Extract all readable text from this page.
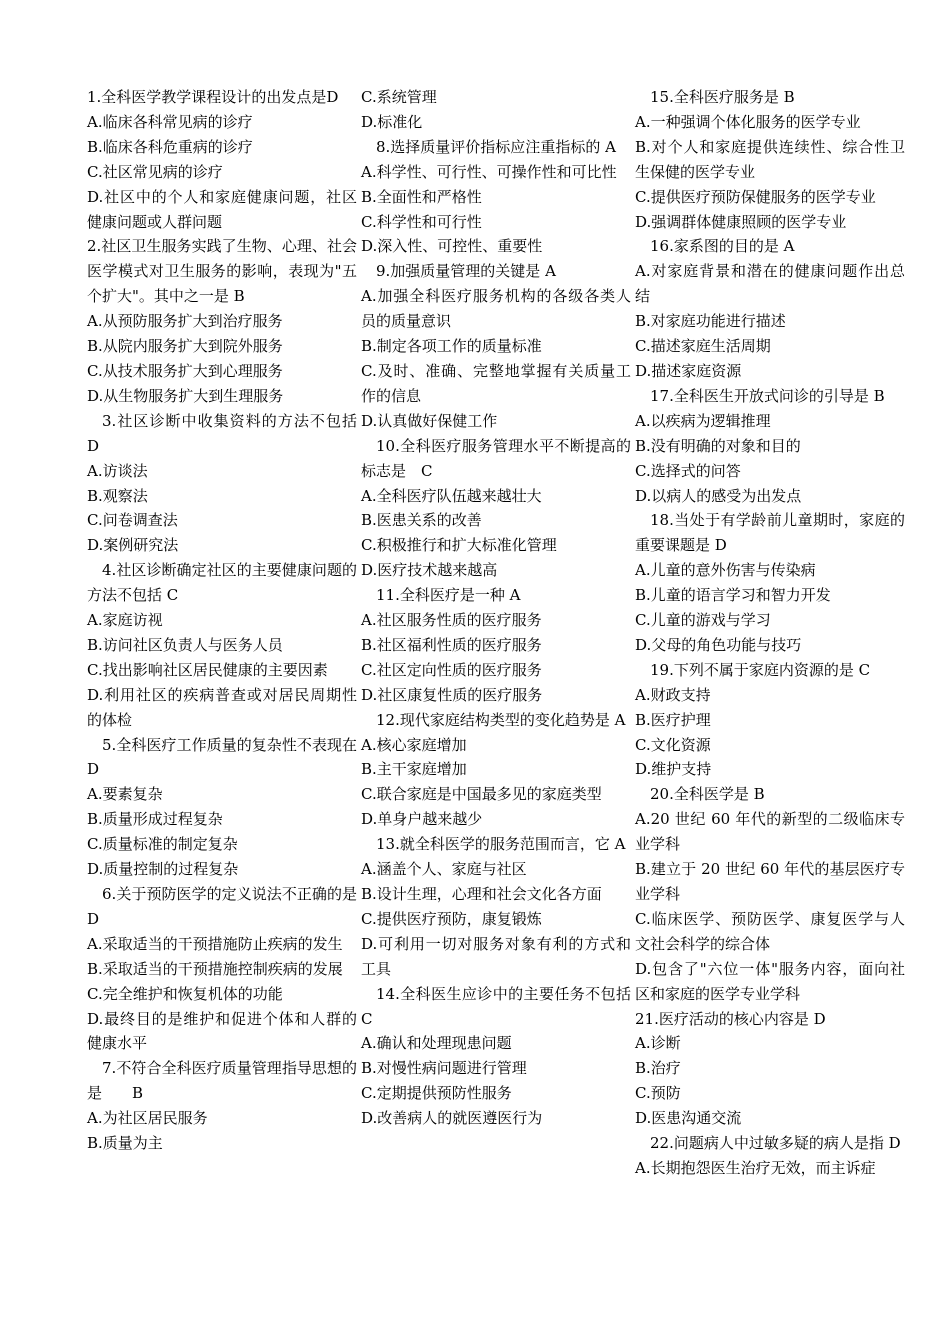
1.全科医学教学课程设计的出发点是D

A.临床各科常见病的诊疗

B.临床各科危重病的诊疗

C.社区常见病的诊疗

D.社区中的个人和家庭健康问题，社区健康问题或人群问题

2.社区卫生服务实践了生物、心理、社会医学模式对卫生服务的影响，表现为"五个扩大"。其中之一是 B

A.从预防服务扩大到治疗服务

B.从院内服务扩大到院外服务

C.从技术服务扩大到心理服务

D.从生物服务扩大到生理服务

3.社区诊断中收集资料的方法不包括 D

A.访谈法

B.观察法

C.问卷调查法

D.案例研究法

4.社区诊断确定社区的主要健康问题的方法不包括 C

A.家庭访视

B.访问社区负责人与医务人员

C.找出影响社区居民健康的主要因素

D.利用社区的疾病普查或对居民周期性的体检

5.全科医疗工作质量的复杂性不表现在 D

A.要素复杂

B.质量形成过程复杂

C.质量标准的制定复杂

D.质量控制的过程复杂

6.关于预防医学的定义说法不正确的是 D

A.采取适当的干预措施防止疾病的发生

B.采取适当的干预措施控制疾病的发展

C.完全维护和恢复机体的功能

D.最终目的是维护和促进个体和人群的健康水平

7.不符合全科医疗质量管理指导思想的是　　B

A.为社区居民服务

B.质量为主

C.系统管理

D.标准化

8.选择质量评价指标应注重指标的 A

A.科学性、可行性、可操作性和可比性

B.全面性和严格性

C.科学性和可行性

D.深入性、可控性、重要性

9.加强质量管理的关键是 A

A.加强全科医疗服务机构的各级各类人员的质量意识

B.制定各项工作的质量标准

C.及时、准确、完整地掌握有关质量工作的信息

D.认真做好保健工作

10.全科医疗服务管理水平不断提高的标志是　C

A.全科医疗队伍越来越壮大

B.医患关系的改善

C.积极推行和扩大标准化管理

D.医疗技术越来越高

11.全科医疗是一种 A

A.社区服务性质的医疗服务

B.社区福利性质的医疗服务

C.社区定向性质的医疗服务

D.社区康复性质的医疗服务

12.现代家庭结构类型的变化趋势是 A

A.核心家庭增加

B.主干家庭增加

C.联合家庭是中国最多见的家庭类型

D.单身户越来越少

13.就全科医学的服务范围而言，它 A

A.涵盖个人、家庭与社区

B.设计生理，心理和社会文化各方面

C.提供医疗预防，康复锻炼

D.可利用一切对服务对象有利的方式和工具

14.全科医生应诊中的主要任务不包括 C

A.确认和处理现患问题

B.对慢性病问题进行管理

C.定期提供预防性服务

D.改善病人的就医遵医行为

15.全科医疗服务是 B

A.一种强调个体化服务的医学专业

B.对个人和家庭提供连续性、综合性卫生保健的医学专业

C.提供医疗预防保健服务的医学专业

D.强调群体健康照顾的医学专业

16.家系图的目的是 A

A.对家庭背景和潜在的健康问题作出总结

B.对家庭功能进行描述

C.描述家庭生活周期

D.描述家庭资源

17.全科医生开放式问诊的引导是 B

A.以疾病为逻辑推理

B.没有明确的对象和目的

C.选择式的问答

D.以病人的感受为出发点

18.当处于有学龄前儿童期时，家庭的重要课题是 D

A.儿童的意外伤害与传染病

B.儿童的语言学习和智力开发

C.儿童的游戏与学习

D.父母的角色功能与技巧

19.下列不属于家庭内资源的是 C

A.财政支持

B.医疗护理

C.文化资源

D.维护支持

20.全科医学是 B

A.20 世纪 60 年代的新型的二级临床专业学科

B.建立于 20 世纪 60 年代的基层医疗专业学科

C.临床医学、预防医学、康复医学与人文社会科学的综合体

D.包含了"六位一体"服务内容，面向社区和家庭的医学专业学科

21.医疗活动的核心内容是 D

A.诊断

B.治疗

C.预防

D.医患沟通交流

22.问题病人中过敏多疑的病人是指 D

A.长期抱怨医生治疗无效，而主诉症
